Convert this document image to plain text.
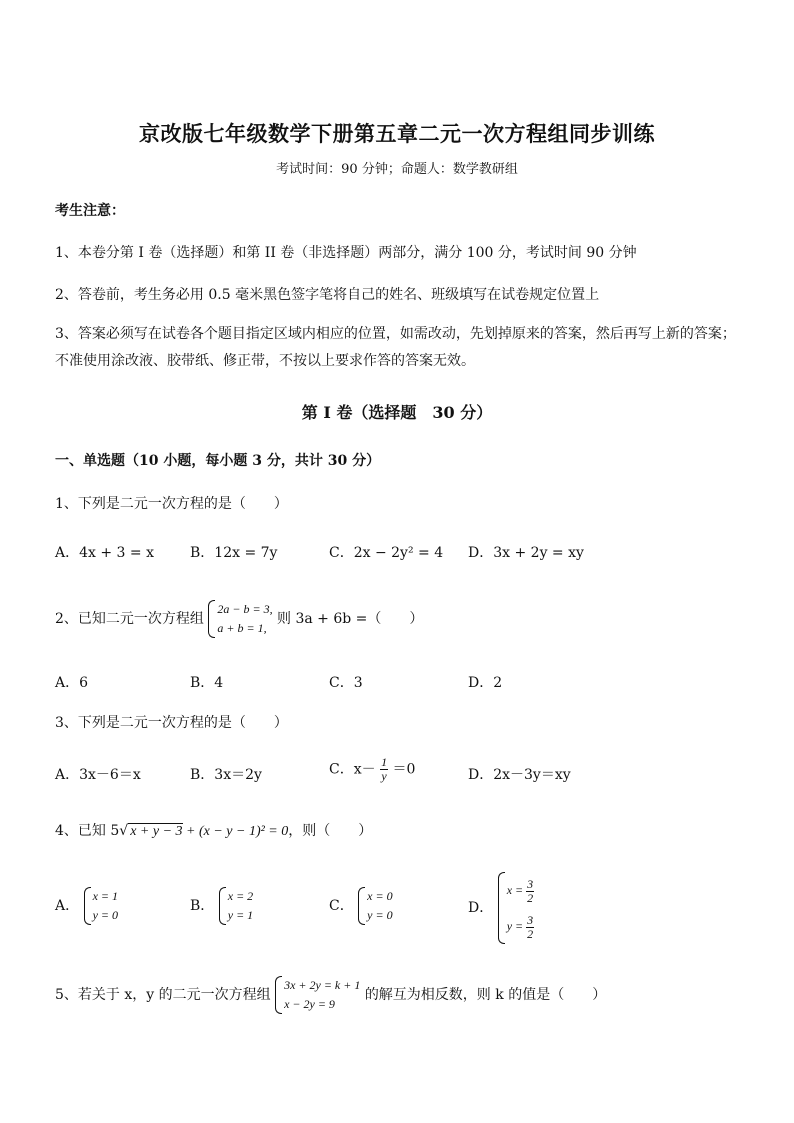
京改版七年级数学下册第五章二元一次方程组同步训练
考试时间：90 分钟；命题人：数学教研组
考生注意：
1、本卷分第 I 卷（选择题）和第 II 卷（非选择题）两部分，满分 100 分，考试时间 90 分钟
2、答卷前，考生务必用 0.5 毫米黑色签字笔将自己的姓名、班级填写在试卷规定位置上
3、答案必须写在试卷各个题目指定区域内相应的位置，如需改动，先划掉原来的答案，然后再写上新的答案；不准使用涂改液、胶带纸、修正带，不按以上要求作答的答案无效。
第 I 卷（选择题　30 分）
一、单选题（10 小题，每小题 3 分，共计 30 分）
1、下列是二元一次方程的是（　　）
A．4x + 3 = x	B．12x = 7y	C．2x − 2y² = 4 D．3x + 2y = xy
2、已知二元一次方程组
2a − b = 3,
a + b = 1,
则 3a + 6b =（　　）
A．6	B．4	C．3	D．2
3、下列是二元一次方程的是（　　）
A．3x－6＝x	B．3x＝2y	C．$x- \frac{1}{y} =0$	D．2x－3y＝xy
4、已知 5√ x + y − 3 + (x − y − 1)² = 0，则（　　）
A．
x = 1
y = 0
B．
x = 2
y = 1
C．
x = 0
y = 0	D．
$x = \frac{3}{2}$
$y = \frac{3}{2}$
5、若关于 x，y 的二元一次方程组
3x + 2y = k + 1
x − 2y = 9
的解互为相反数，则 k 的值是（　　）
